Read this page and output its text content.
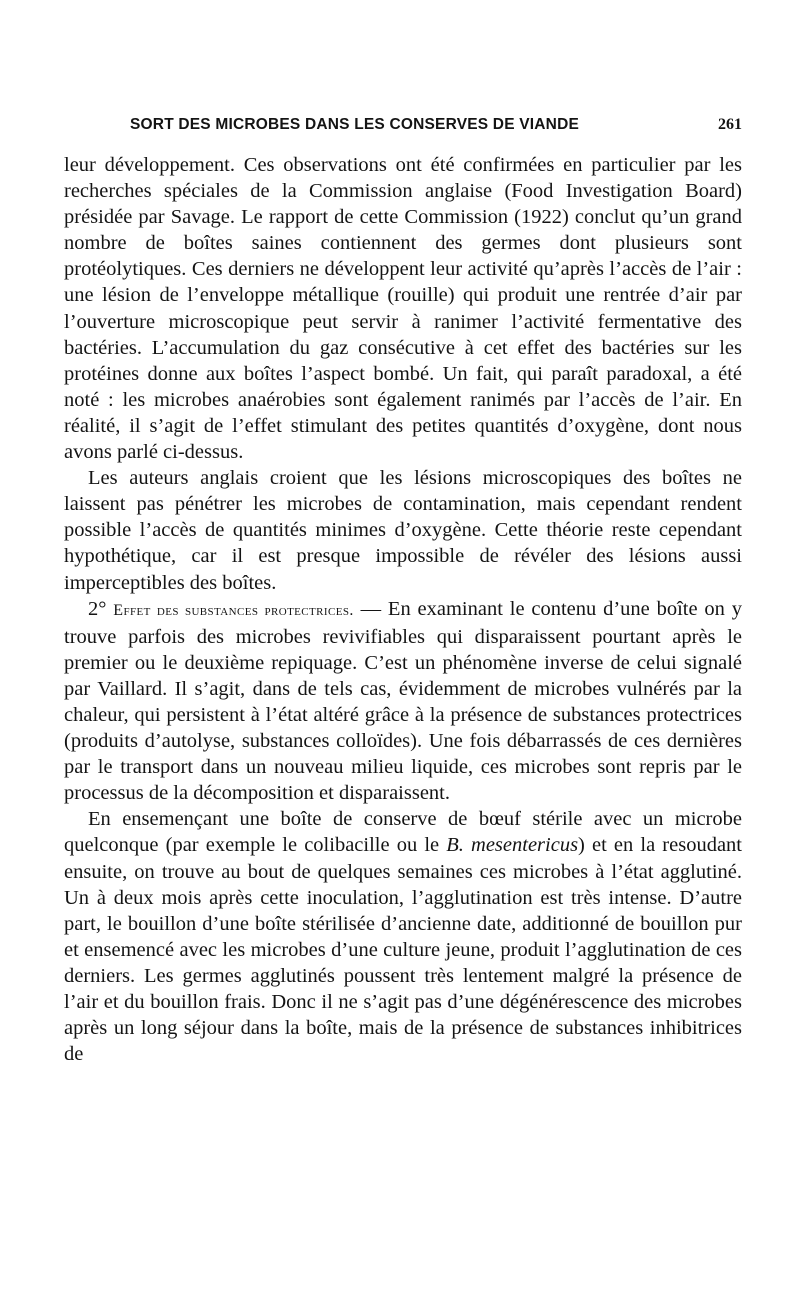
SORT DES MICROBES DANS LES CONSERVES DE VIANDE	261

leur développement. Ces observations ont été confirmées en particulier par les recherches spéciales de la Commission anglaise (Food Investigation Board) présidée par Savage. Le rapport de cette Commission (1922) conclut qu’un grand nombre de boîtes saines contiennent des germes dont plusieurs sont protéolytiques. Ces derniers ne développent leur activité qu’après l’accès de l’air : une lésion de l’enveloppe métallique (rouille) qui produit une rentrée d’air par l’ouverture microscopique peut servir à ranimer l’activité fermentative des bactéries. L’accumulation du gaz consécutive à cet effet des bactéries sur les protéines donne aux boîtes l’aspect bombé. Un fait, qui paraît paradoxal, a été noté : les microbes anaérobies sont également ranimés par l’accès de l’air. En réalité, il s’agit de l’effet stimulant des petites quantités d’oxygène, dont nous avons parlé ci-dessus.

Les auteurs anglais croient que les lésions microscopiques des boîtes ne laissent pas pénétrer les microbes de contamination, mais cependant rendent possible l’accès de quantités minimes d’oxygène. Cette théorie reste cependant hypothétique, car il est presque impossible de révéler des lésions aussi imperceptibles des boîtes.

2° Effet des substances protectrices. — En examinant le contenu d’une boîte on y trouve parfois des microbes revivifiables qui disparaissent pourtant après le premier ou le deuxième repiquage. C’est un phénomène inverse de celui signalé par Vaillard. Il s’agit, dans de tels cas, évidemment de microbes vulnérés par la chaleur, qui persistent à l’état altéré grâce à la présence de substances protectrices (produits d’autolyse, substances colloïdes). Une fois débarrassés de ces dernières par le transport dans un nouveau milieu liquide, ces microbes sont repris par le processus de la décomposition et disparaissent.

En ensemençant une boîte de conserve de bœuf stérile avec un microbe quelconque (par exemple le colibacille ou le B. mesentericus) et en la resoudant ensuite, on trouve au bout de quelques semaines ces microbes à l’état agglutiné. Un à deux mois après cette inoculation, l’agglutination est très intense. D’autre part, le bouillon d’une boîte stérilisée d’ancienne date, additionné de bouillon pur et ensemencé avec les microbes d’une culture jeune, produit l’agglutination de ces derniers. Les germes agglutinés poussent très lentement malgré la présence de l’air et du bouillon frais. Donc il ne s’agit pas d’une dégénérescence des microbes après un long séjour dans la boîte, mais de la présence de substances inhibitrices de
